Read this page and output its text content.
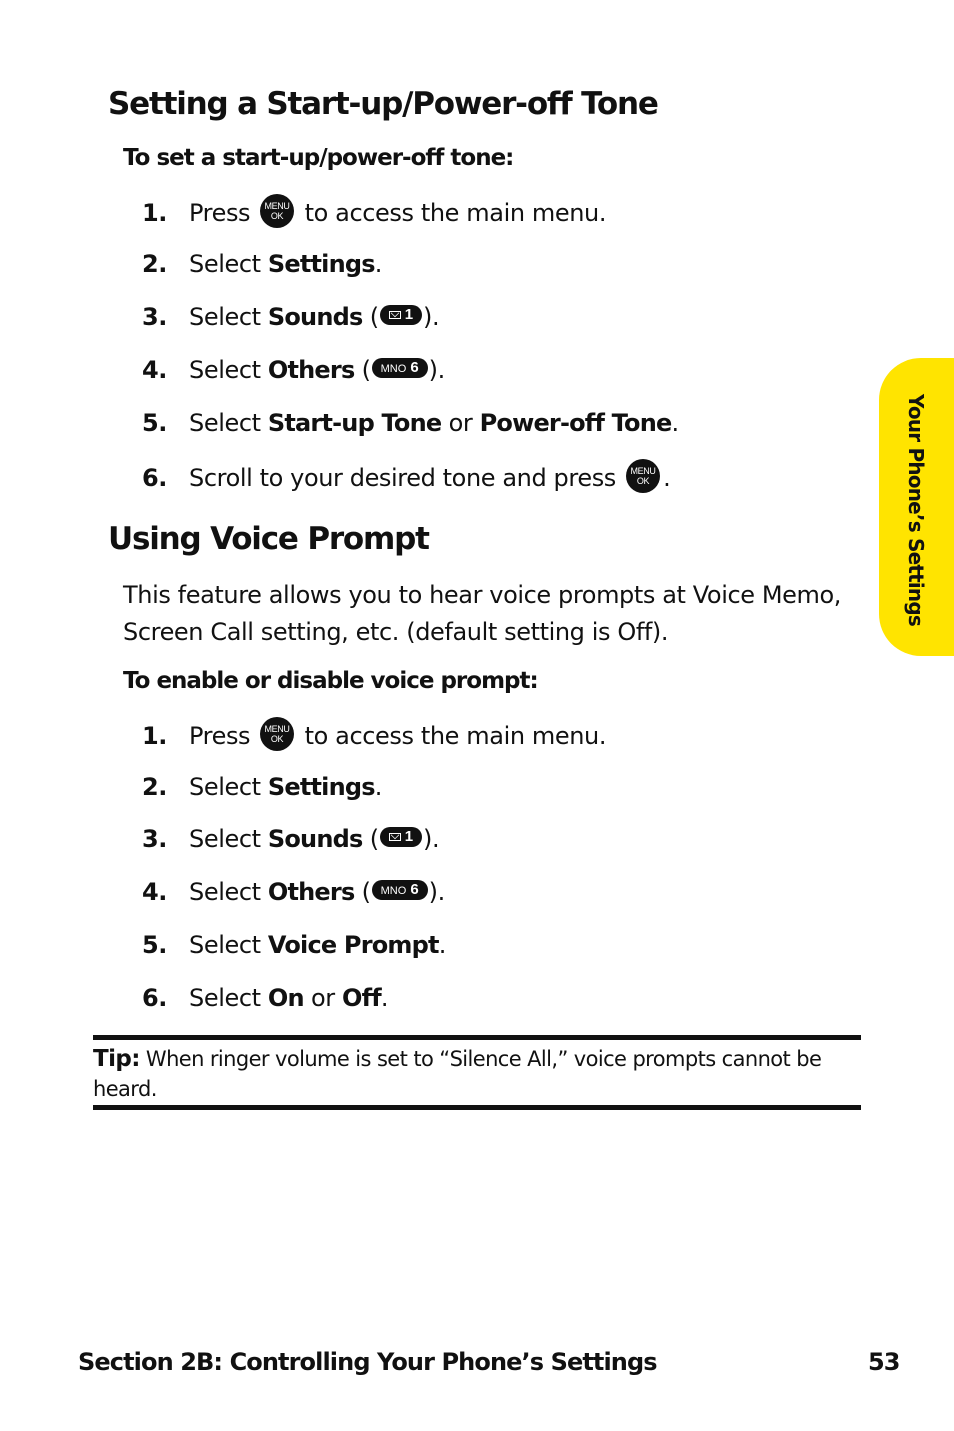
Setting a Start-up/Power-off Tone
To set a start-up/power-off tone:
1. Press MENU
OK to access the main menu.
2. Select Settings.
3. Select Sounds ( 1 ).
4. Select Others ( MNO 6 ).
5. Select Start-up Tone or Power-off Tone.
6. Scroll to your desired tone and press MENU
OK .
Using Voice Prompt
This feature allows you to hear voice prompts at Voice Memo,
Screen Call setting, etc. (default setting is Off).
To enable or disable voice prompt:
1. Press MENU
OK to access the main menu.
2. Select Settings.
3. Select Sounds ( 1 ).
4. Select Others ( MNO 6 ).
5. Select Voice Prompt.
6. Select On or Off.
Tip: When ringer volume is set to “Silence All,” voice prompts cannot be
heard.
Your Phone’s Settings
Section 2B: Controlling Your Phone’s Settings	53
